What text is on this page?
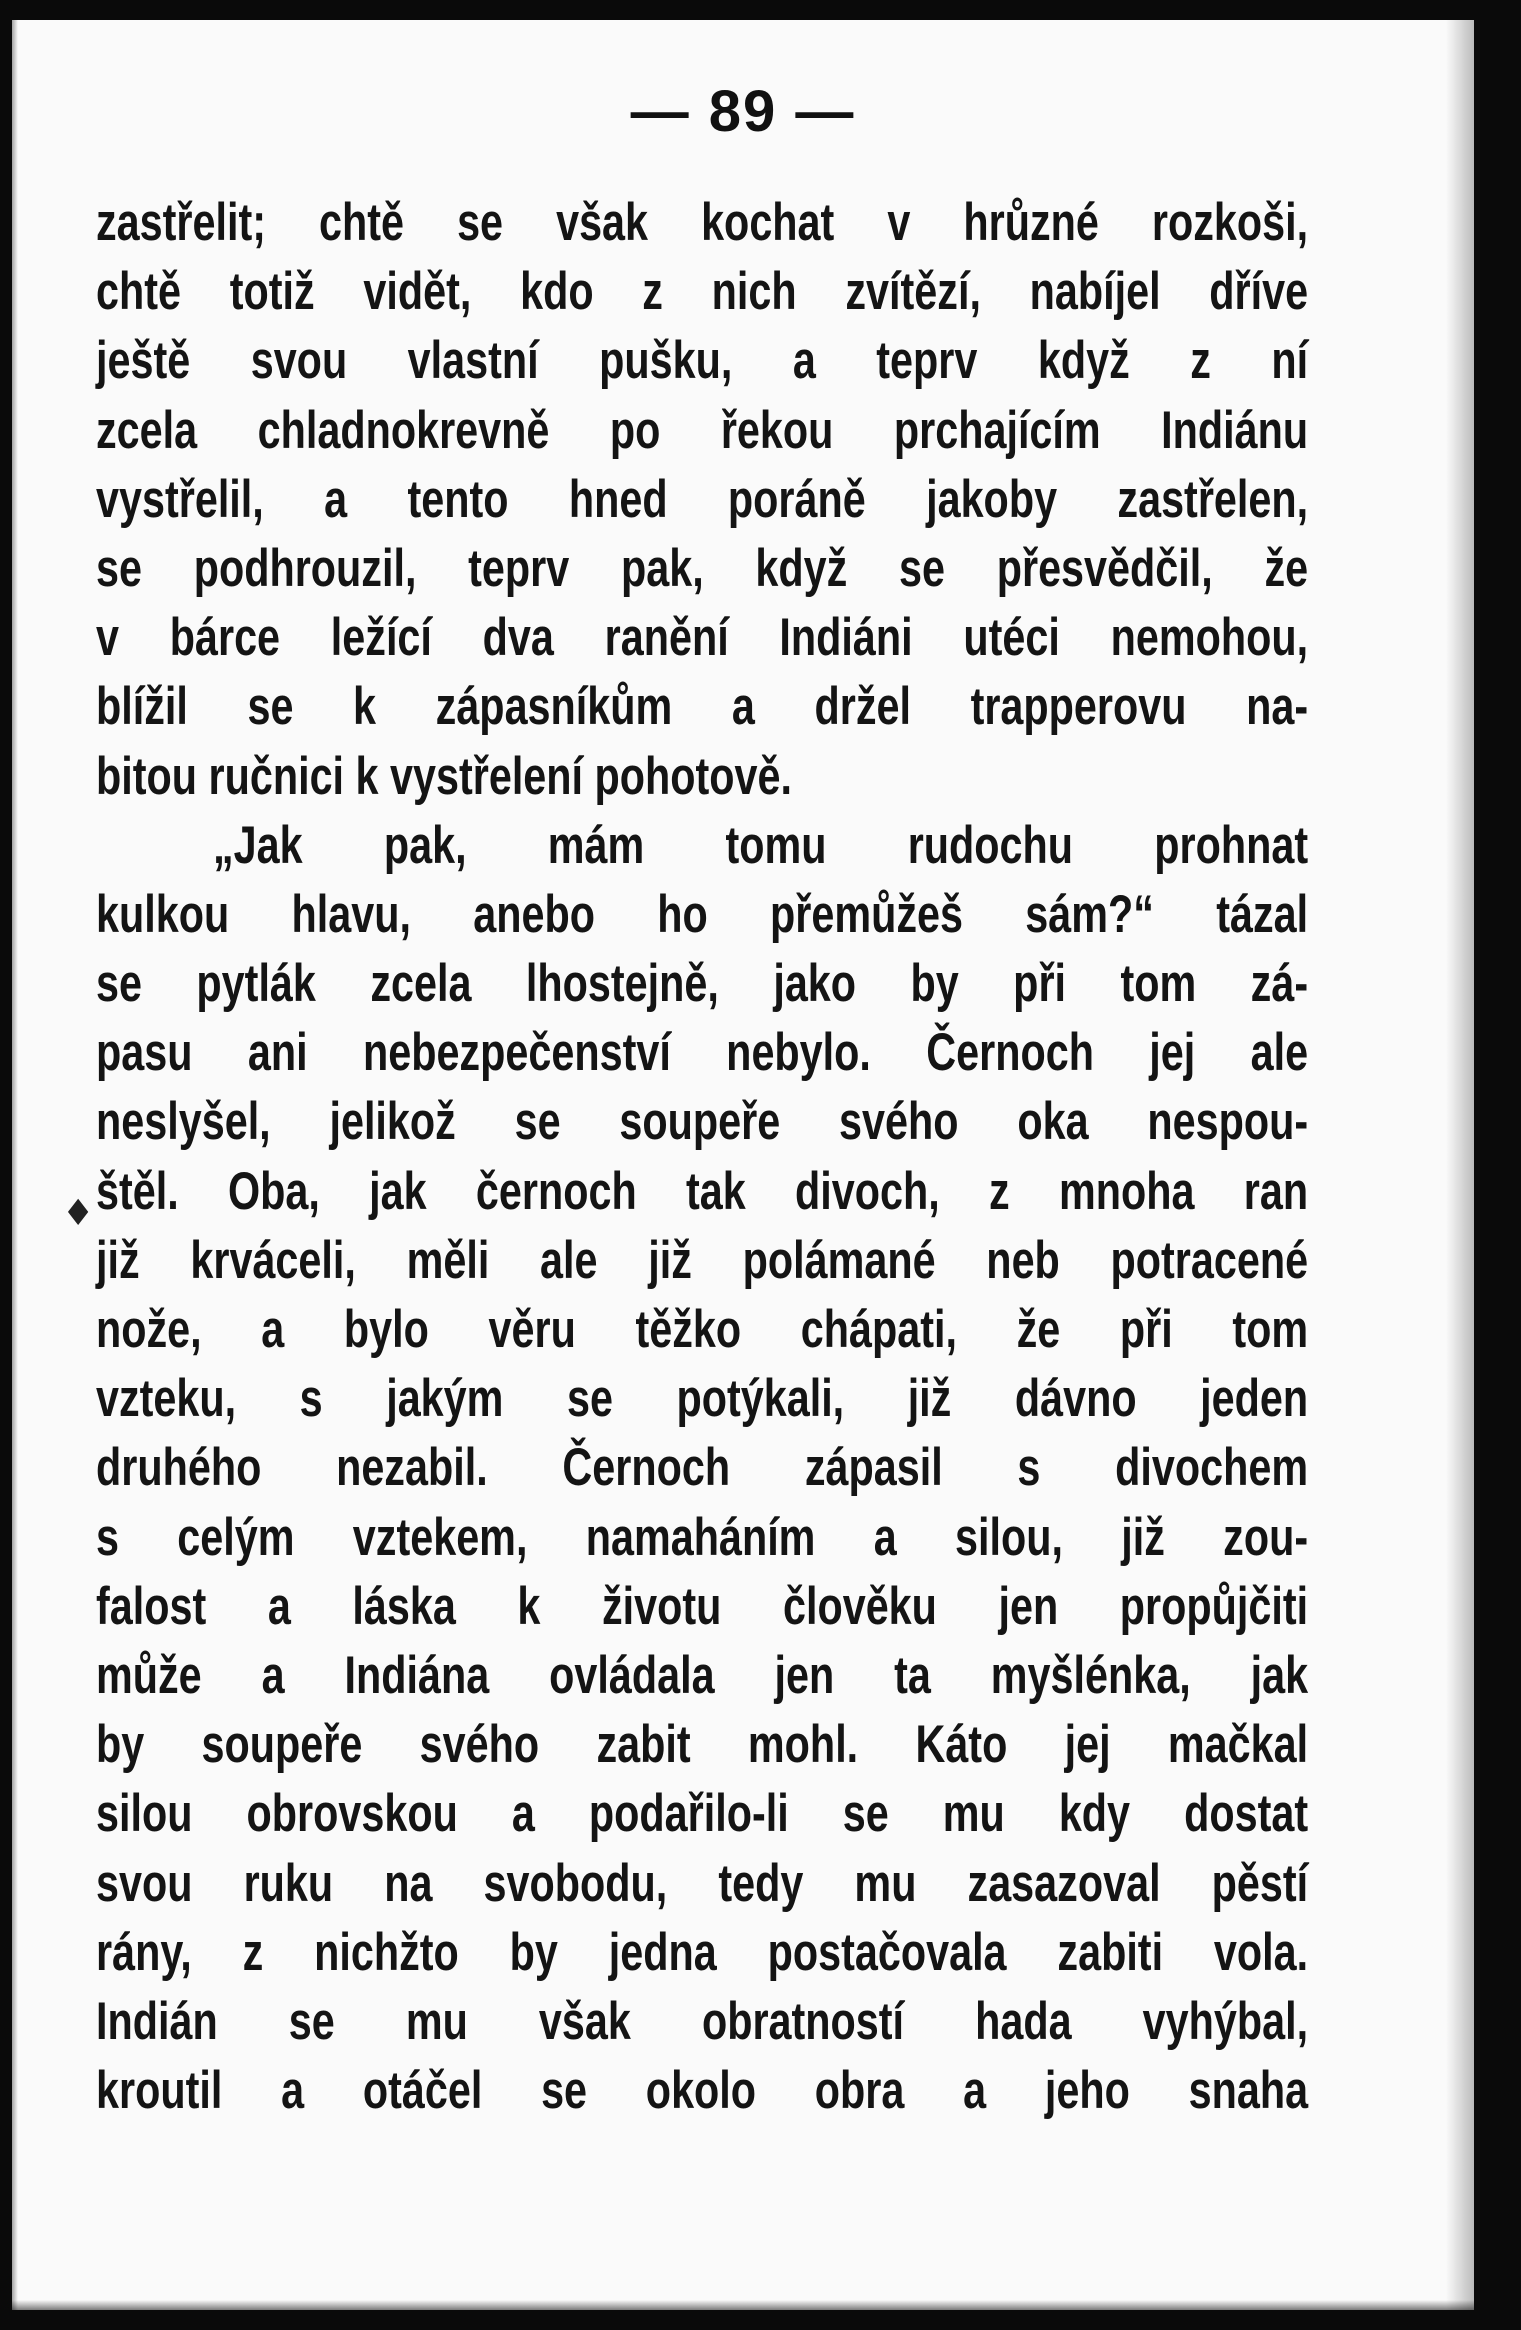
— 89 —
♦
zastřelit; chtě se však kochat v hrůzné rozkoši,
chtě totiž vidět, kdo z nich zvítězí, nabíjel dříve
ještě svou vlastní pušku, a teprv když z ní
zcela chladnokrevně po řekou prchajícím Indiánu
vystřelil, a tento hned poráně jakoby zastřelen,
se podhrouzil, teprv pak, když se přesvědčil, že
v bárce ležící dva ranění Indiáni utéci nemohou,
blížil se k zápasníkům a držel trapperovu na-
bitou ručnici k vystřelení pohotově.
„Jak pak, mám tomu rudochu prohnat
kulkou hlavu, anebo ho přemůžeš sám?“ tázal
se pytlák zcela lhostejně, jako by při tom zá-
pasu ani nebezpečenství nebylo. Černoch jej ale
neslyšel, jelikož se soupeře svého oka nespou-
štěl. Oba, jak černoch tak divoch, z mnoha ran
již krváceli, měli ale již polámané neb potracené
nože, a bylo věru těžko chápati, že při tom
vzteku, s jakým se potýkali, již dávno jeden
druhého nezabil. Černoch zápasil s divochem
s celým vztekem, namaháním a silou, již zou-
falost a láska k životu člověku jen propůjčiti
může a Indiána ovládala jen ta myšlénka, jak
by soupeře svého zabit mohl. Káto jej mačkal
silou obrovskou a podařilo-li se mu kdy dostat
svou ruku na svobodu, tedy mu zasazoval pěstí
rány, z nichžto by jedna postačovala zabiti vola.
Indián se mu však obratností hada vyhýbal,
kroutil a otáčel se okolo obra a jeho snaha
